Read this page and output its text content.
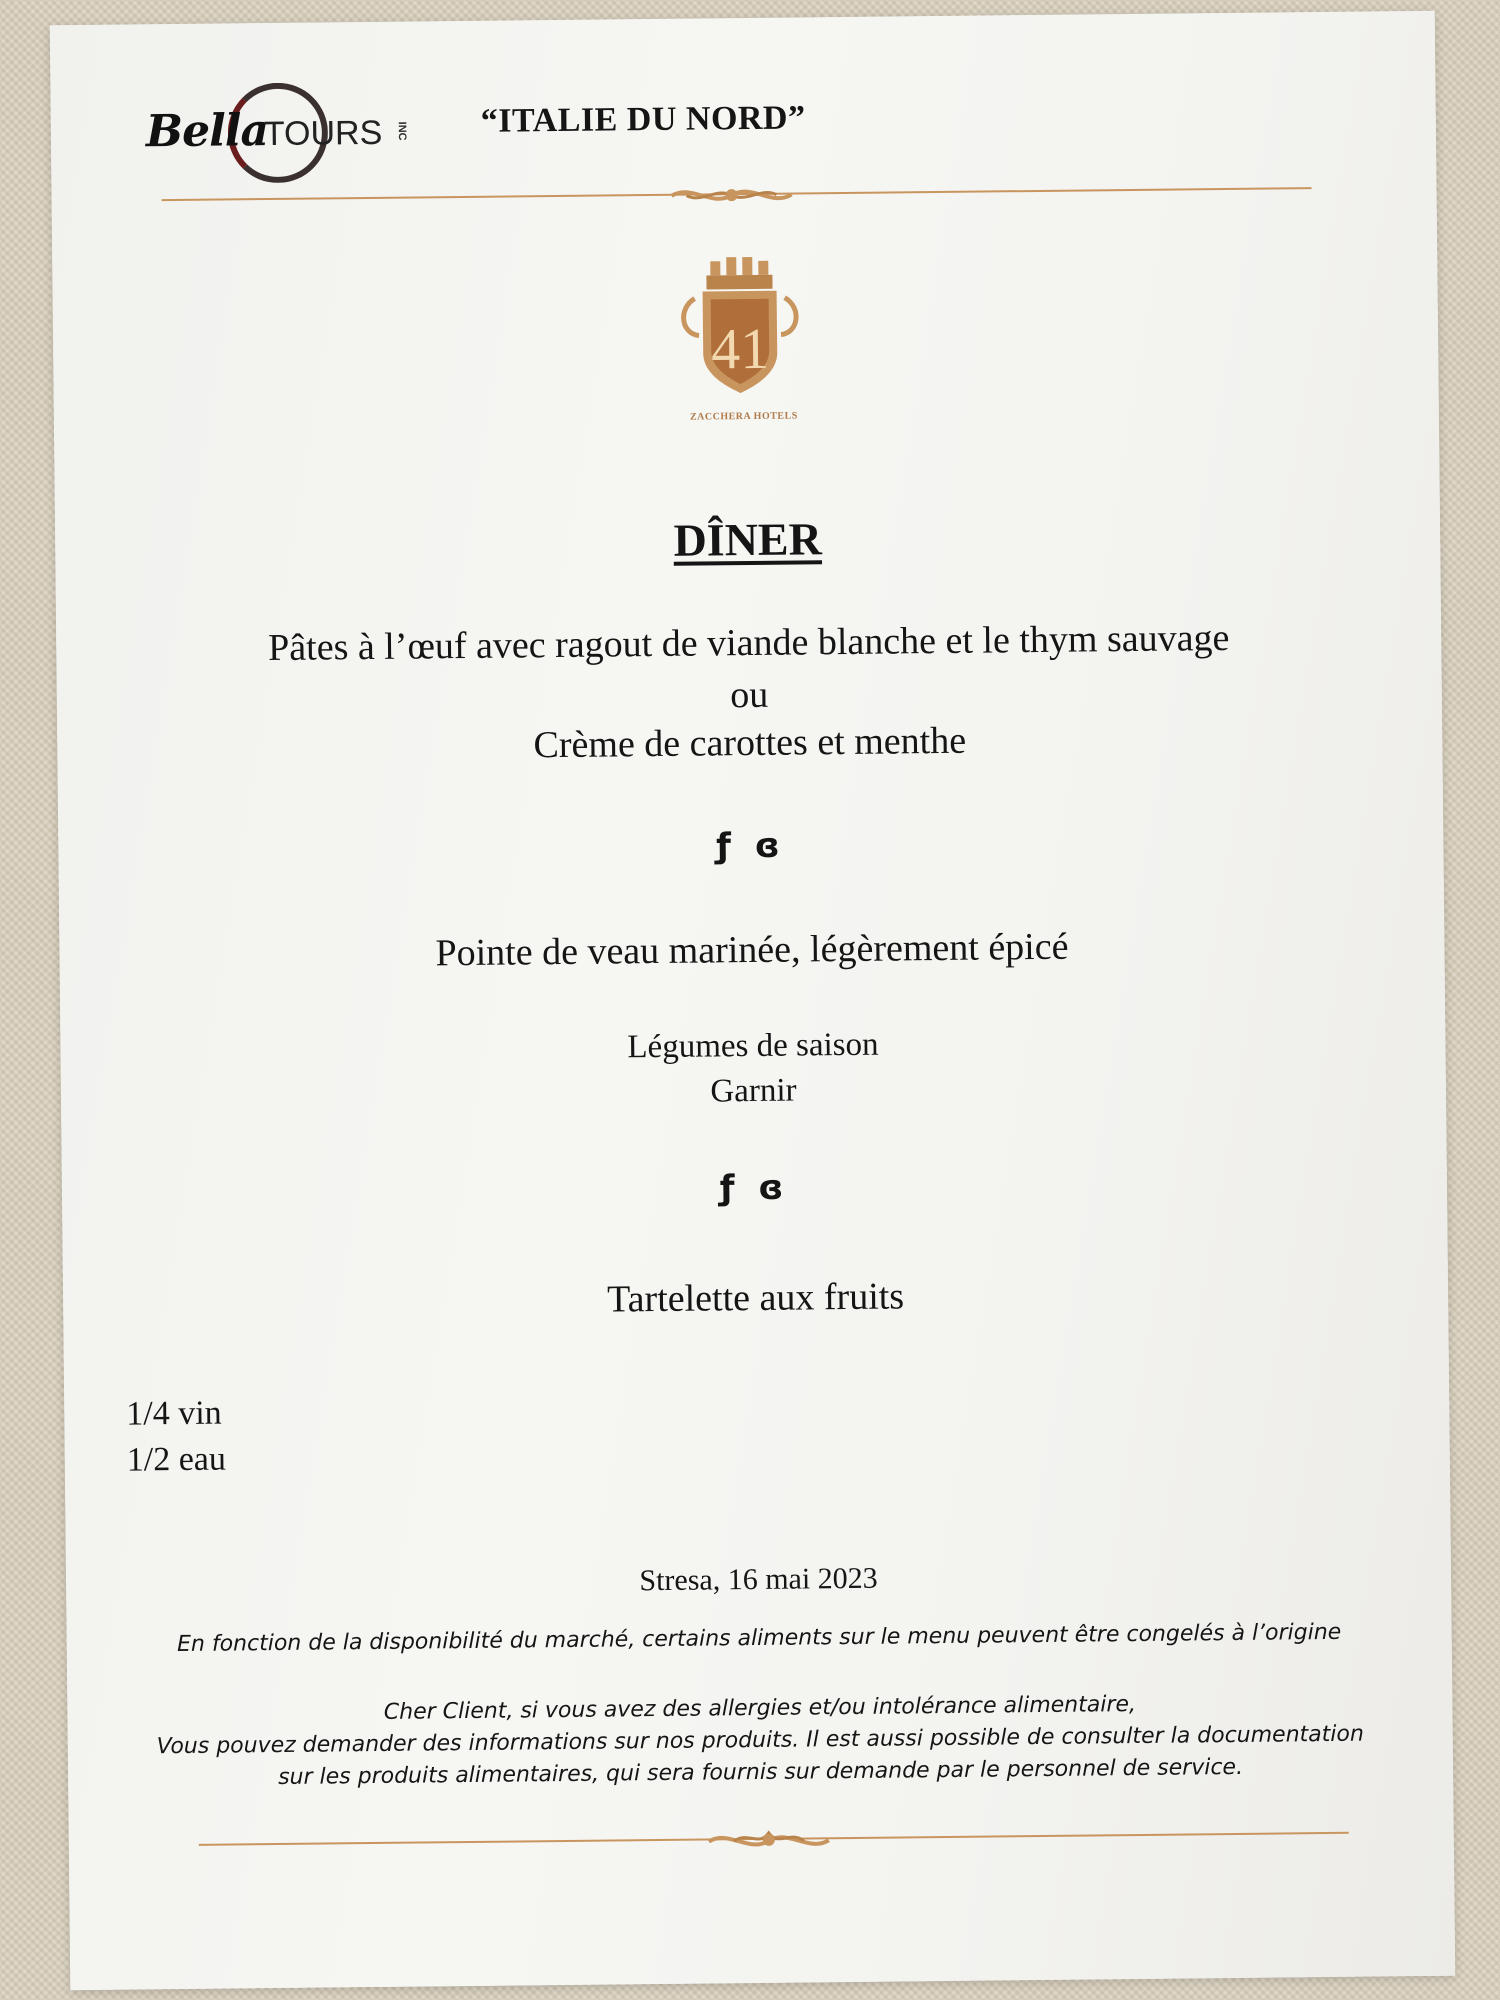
Bella
TOURS INC “ITALIE DU NORD”
41
ZACCHERA HOTELS
DÎNER
Pâtes à l’œuf avec ragout de viande blanche et le thym sauvage
ou
Crème de carottes et menthe
ƒ ɞ
Pointe de veau marinée, légèrement épicé
Légumes de saison
Garnir
ƒ ɞ
Tartelette aux fruits
1/4 vin
1/2 eau
Stresa, 16 mai 2023
En fonction de la disponibilité du marché, certains aliments sur le menu peuvent être congelés à l’origine
Cher Client, si vous avez des allergies et/ou intolérance alimentaire,
Vous pouvez demander des informations sur nos produits. Il est aussi possible de consulter la documentation
sur les produits alimentaires, qui sera fournis sur demande par le personnel de service.
